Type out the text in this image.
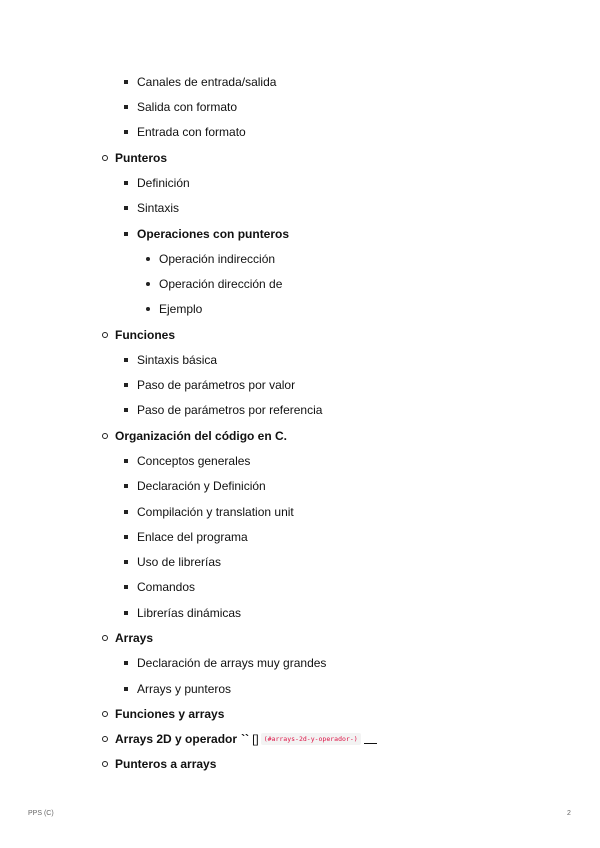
Canales de entrada/salida
Salida con formato
Entrada con formato
Punteros
Definición
Sintaxis
Operaciones con punteros
Operación indirección
Operación dirección de
Ejemplo
Funciones
Sintaxis básica
Paso de parámetros por valor
Paso de parámetros por referencia
Organización del código en C.
Conceptos generales
Declaración y Definición
Compilación y translation unit
Enlace del programa
Uso de librerías
Comandos
Librerías dinámicas
Arrays
Declaración de arrays muy grandes
Arrays y punteros
Funciones y arrays
Arrays 2D y operador `` [] (#arrays-2d-y-operador-)
Punteros a arrays
PPS (C)	2
